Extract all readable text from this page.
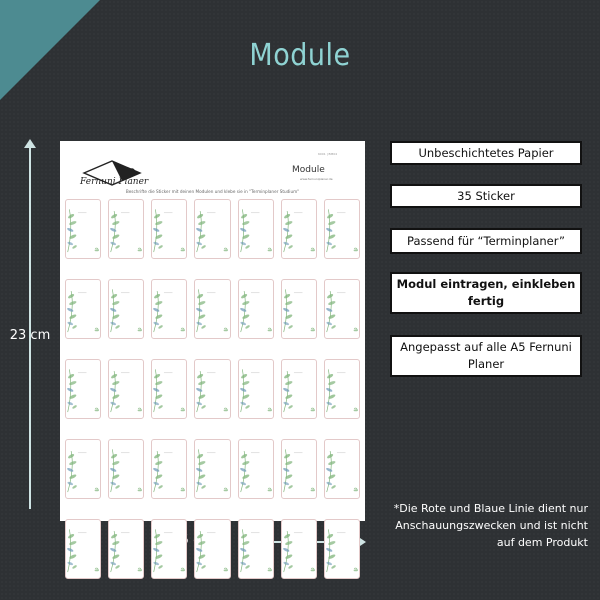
Module
23 cm
Fernuni Planer
6001 | BM04
Module
www.fernuniplaner.de
Beschrifte die Sticker mit deinen Modulen und klebe sie in "Terminplaner Studium"
Unbeschichtetes Papier
35 Sticker
Passend für “Terminplaner”
Modul eintragen, einkleben fertig
Angepasst auf alle A5 Fernuni Planer
*Die Rote und Blaue Linie dient nur Anschauungszwecken und ist nicht auf dem Produkt
